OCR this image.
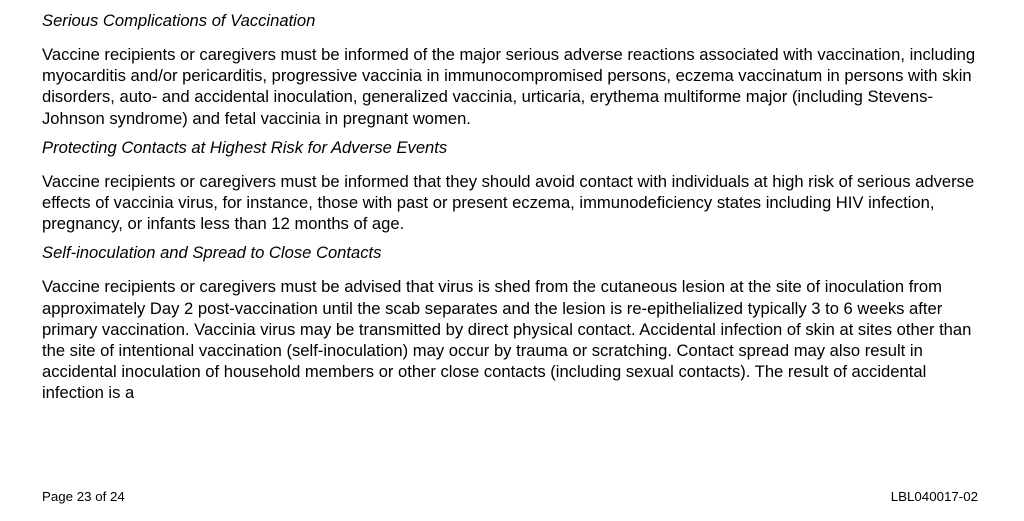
Serious Complications of Vaccination
Vaccine recipients or caregivers must be informed of the major serious adverse reactions associated with vaccination, including myocarditis and/or pericarditis, progressive vaccinia in immunocompromised persons, eczema vaccinatum in persons with skin disorders, auto- and accidental inoculation, generalized vaccinia, urticaria, erythema multiforme major (including Stevens-Johnson syndrome) and fetal vaccinia in pregnant women.
Protecting Contacts at Highest Risk for Adverse Events
Vaccine recipients or caregivers must be informed that they should avoid contact with individuals at high risk of serious adverse effects of vaccinia virus, for instance, those with past or present eczema, immunodeficiency states including HIV infection, pregnancy, or infants less than 12 months of age.
Self-inoculation and Spread to Close Contacts
Vaccine recipients or caregivers must be advised that virus is shed from the cutaneous lesion at the site of inoculation from approximately Day 2 post-vaccination until the scab separates and the lesion is re-epithelialized typically 3 to 6 weeks after primary vaccination. Vaccinia virus may be transmitted by direct physical contact. Accidental infection of skin at sites other than the site of intentional vaccination (self-inoculation) may occur by trauma or scratching. Contact spread may also result in accidental inoculation of household members or other close contacts (including sexual contacts). The result of accidental infection is a
Page 23 of 24	LBL040017-02
